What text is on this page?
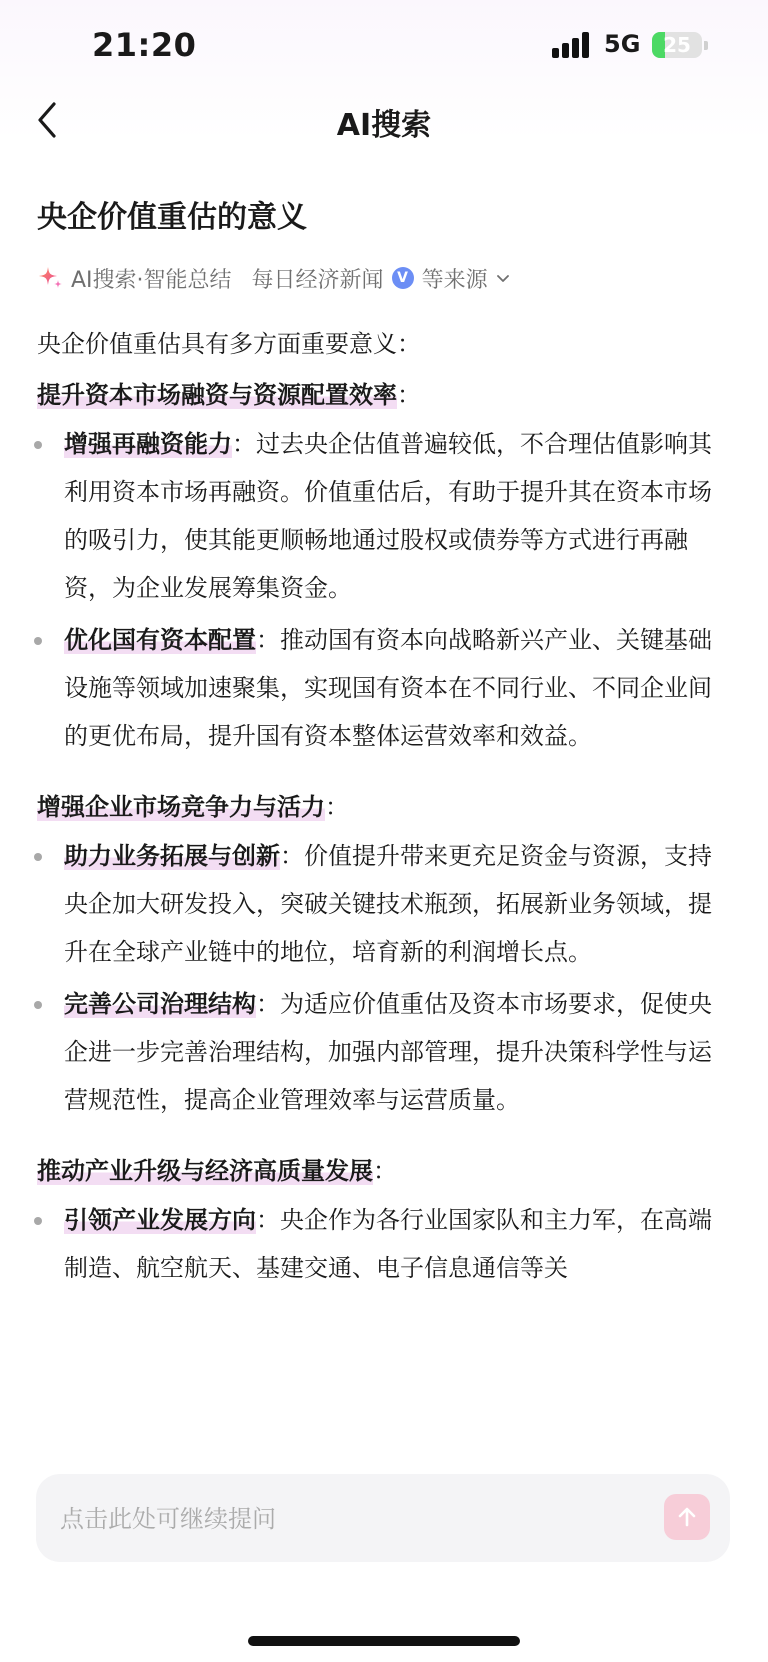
21:20	5G	25
AI搜索
央企价值重估的意义
AI搜索·智能总结 每日经济新闻 V 等来源

央企价值重估具有多方面重要意义：

提升资本市场融资与资源配置效率：
增强再融资能力：过去央企估值普遍较低，不合理估值影响其利用资本市场再融资。价值重估后，有助于提升其在资本市场的吸引力，使其能更顺畅地通过股权或债券等方式进行再融资，为企业发展筹集资金。
优化国有资本配置：推动国有资本向战略新兴产业、关键基础设施等领域加速聚集，实现国有资本在不同行业、不同企业间的更优布局，提升国有资本整体运营效率和效益。
增强企业市场竞争力与活力：
助力业务拓展与创新：价值提升带来更充足资金与资源，支持央企加大研发投入，突破关键技术瓶颈，拓展新业务领域，提升在全球产业链中的地位，培育新的利润增长点。
完善公司治理结构：为适应价值重估及资本市场要求，促使央企进一步完善治理结构，加强内部管理，提升决策科学性与运营规范性，提高企业管理效率与运营质量。
推动产业升级与经济高质量发展：
引领产业发展方向：央企作为各行业国家队和主力军，在高端制造、航空航天、基建交通、电子信息通信等关
点击此处可继续提问
